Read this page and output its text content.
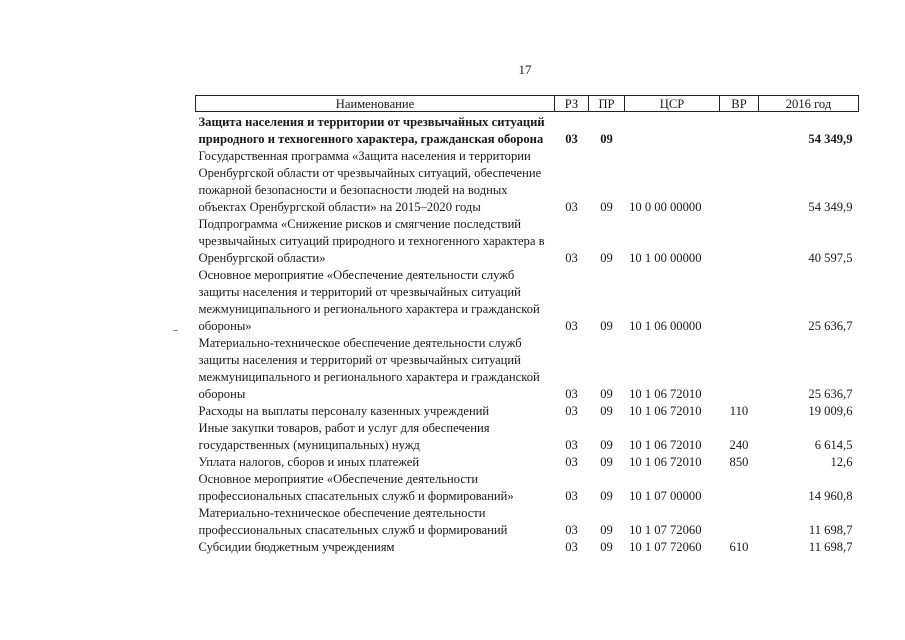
17
Наименование	РЗ	ПР	ЦСР	ВР	2016 год
Защита населения и территории от чрезвычайных ситуаций природного и техногенного характера, гражданская оборона	03	09			54 349,9
Государственная программа «Защита населения и территории Оренбургской области от чрезвычайных ситуаций, обеспечение пожарной безопасности и безопасности людей на водных объектах Оренбургской области» на 2015–2020 годы	03	09	10 0 00 00000		54 349,9
Подпрограмма «Снижение рисков и смягчение последствий чрезвычайных ситуаций природного и техногенного характера в Оренбургской области»	03	09	10 1 00 00000		40 597,5
Основное мероприятие «Обеспечение деятельности служб защиты населения и территорий от чрезвычайных ситуаций межмуниципального и регионального характера и гражданской обороны»	03	09	10 1 06 00000		25 636,7
Материально-техническое обеспечение деятельности служб защиты населения и территорий от чрезвычайных ситуаций межмуниципального и регионального характера и гражданской обороны	03	09	10 1 06 72010		25 636,7
Расходы на выплаты персоналу казенных учреждений	03	09	10 1 06 72010	110	19 009,6
Иные закупки товаров, работ и услуг для обеспечения государственных (муниципальных) нужд	03	09	10 1 06 72010	240	6 614,5
Уплата налогов, сборов и иных платежей	03	09	10 1 06 72010	850	12,6
Основное мероприятие «Обеспечение деятельности профессиональных спасательных служб и формирований»	03	09	10 1 07 00000		14 960,8
Материально-техническое обеспечение деятельности профессиональных спасательных служб и формирований	03	09	10 1 07 72060		11 698,7
Субсидии бюджетным учреждениям	03	09	10 1 07 72060	610	11 698,7
